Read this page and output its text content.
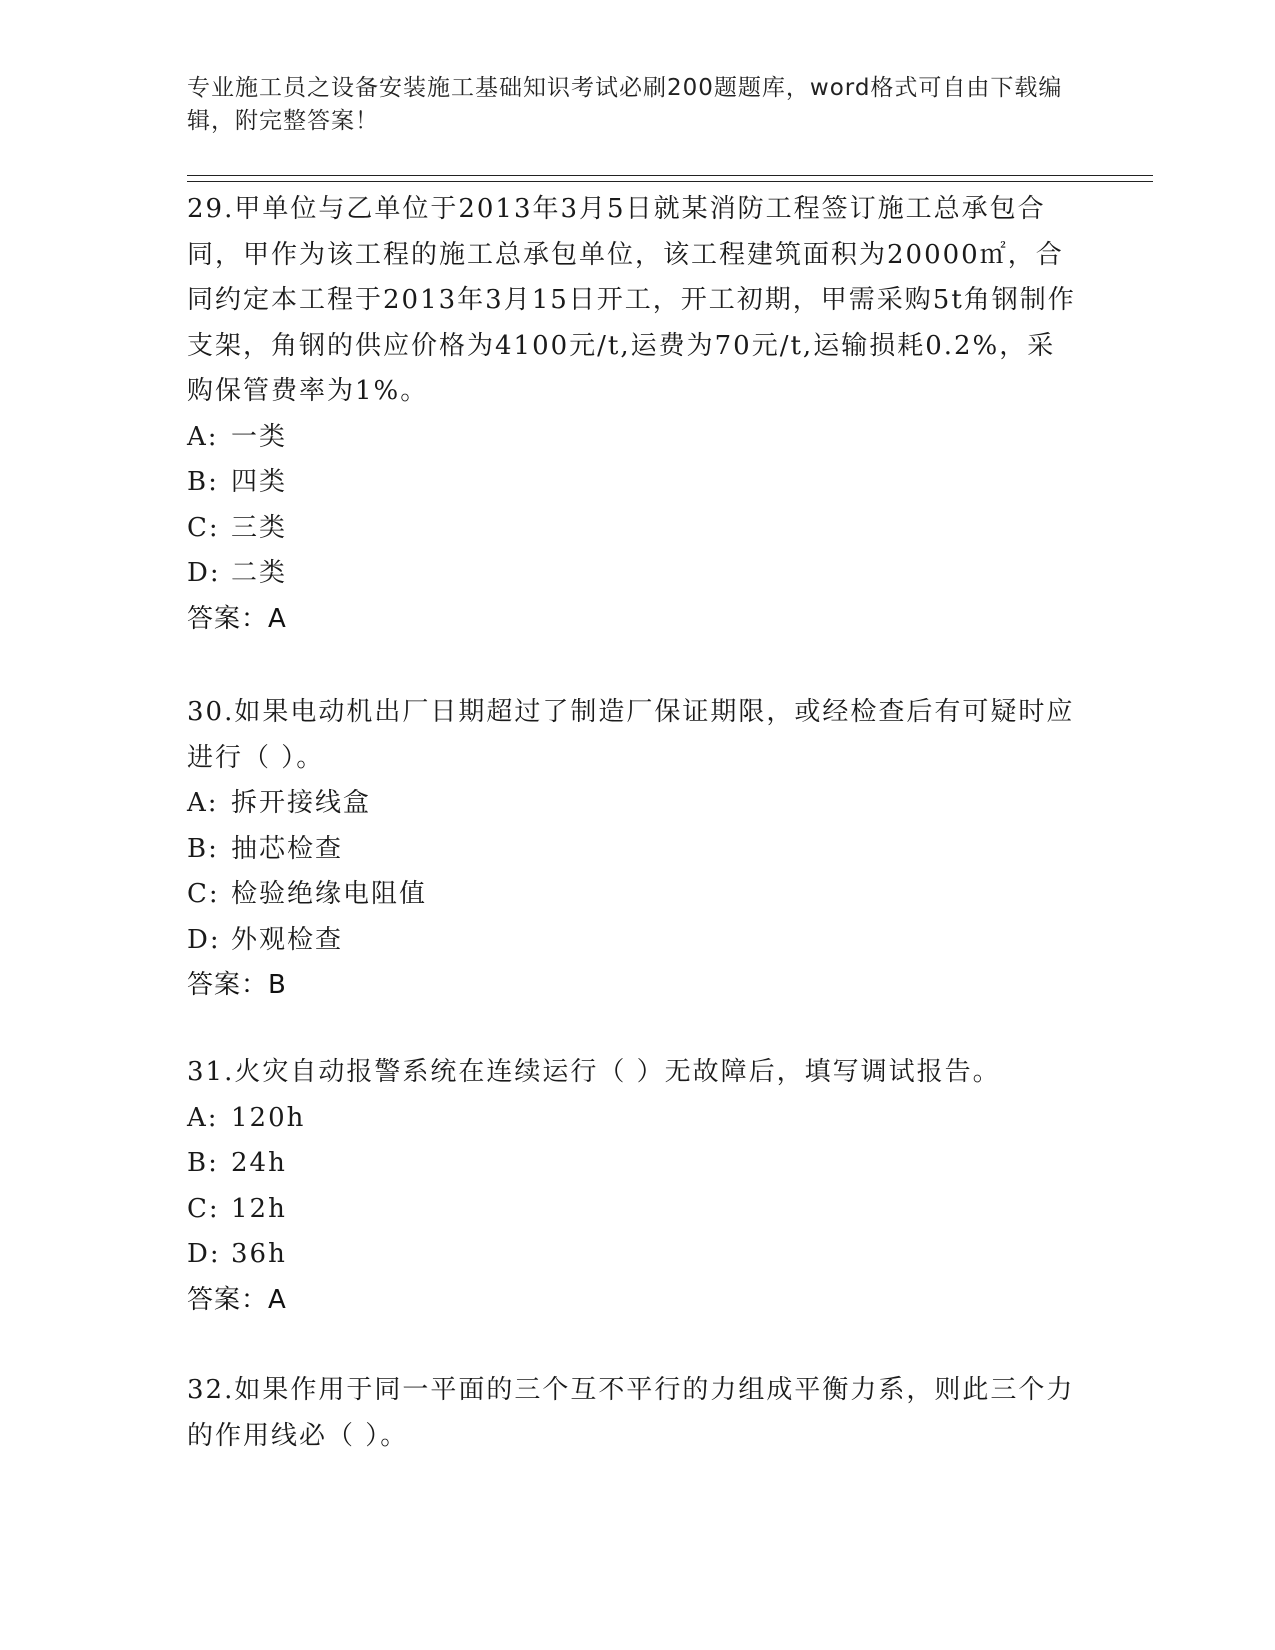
专业施工员之设备安装施工基础知识考试必刷200题题库，word格式可自由下载编辑，附完整答案！

29.甲单位与乙单位于2013年3月5日就某消防工程签订施工总承包合同，甲作为该工程的施工总承包单位，该工程建筑面积为20000㎡，合同约定本工程于2013年3月15日开工，开工初期，甲需采购5t角钢制作支架，角钢的供应价格为4100元/t,运费为70元/t,运输损耗0.2%，采购保管费率为1%。

A: 一类
B: 四类
C: 三类
D: 二类
答案：A

30.如果电动机出厂日期超过了制造厂保证期限，或经检查后有可疑时应进行（ ）。

A: 拆开接线盒
B: 抽芯检查
C: 检验绝缘电阻值
D: 外观检查
答案：B

31.火灾自动报警系统在连续运行（ ）无故障后，填写调试报告。

A: 120h
B: 24h
C: 12h
D: 36h
答案：A

32.如果作用于同一平面的三个互不平行的力组成平衡力系，则此三个力的作用线必（ ）。
